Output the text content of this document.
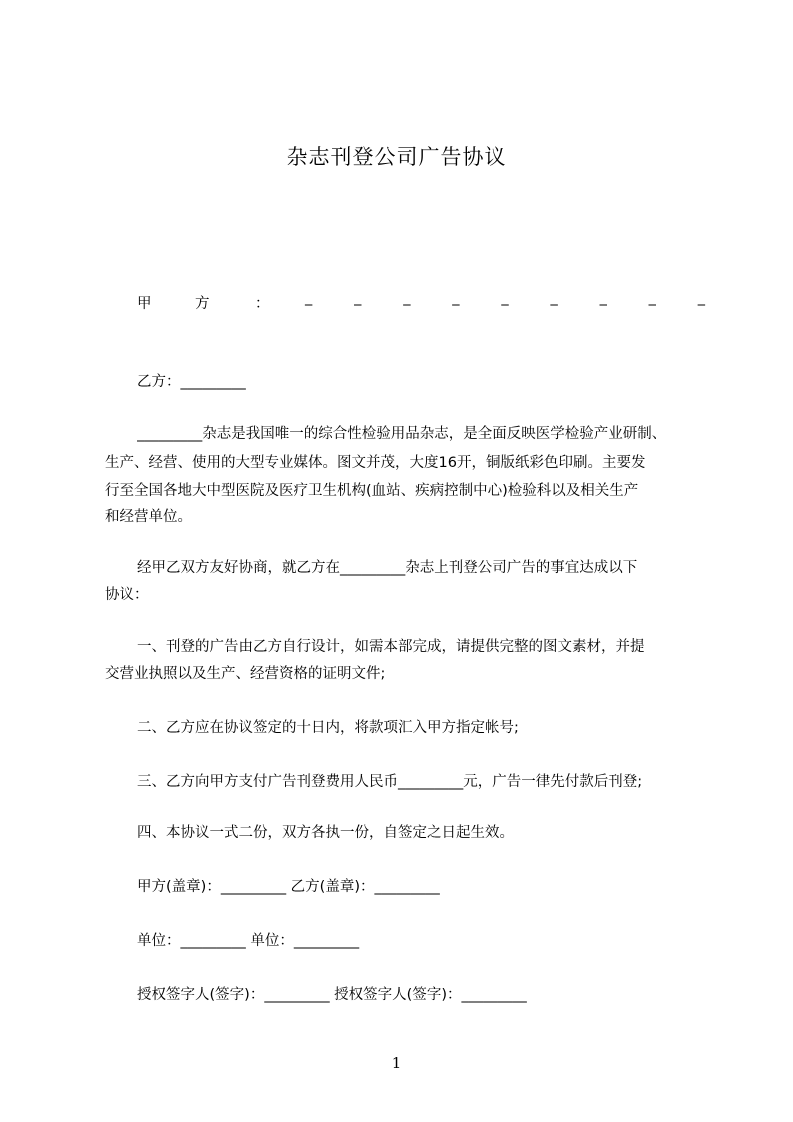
杂志刊登公司广告协议
甲	方	： _	_	_	_	_	_	_	_	_
乙方：_________
_________杂志是我国唯一的综合性检验用品杂志，是全面反映医学检验产业研制、
生产、经营、使用的大型专业媒体。图文并茂，大度16开，铜版纸彩色印刷。主要发
行至全国各地大中型医院及医疗卫生机构(血站、疾病控制中心)检验科以及相关生产
和经营单位。
经甲乙双方友好协商，就乙方在_________杂志上刊登公司广告的事宜达成以下
协议：
一、刊登的广告由乙方自行设计，如需本部完成，请提供完整的图文素材，并提
交营业执照以及生产、经营资格的证明文件;
二、乙方应在协议签定的十日内，将款项汇入甲方指定帐号;
三、乙方向甲方支付广告刊登费用人民币_________元，广告一律先付款后刊登;
四、本协议一式二份，双方各执一份，自签定之日起生效。
甲方(盖章)：_________ 乙方(盖章)：_________
单位：_________ 单位：_________
授权签字人(签字)：_________ 授权签字人(签字)：_________
1
